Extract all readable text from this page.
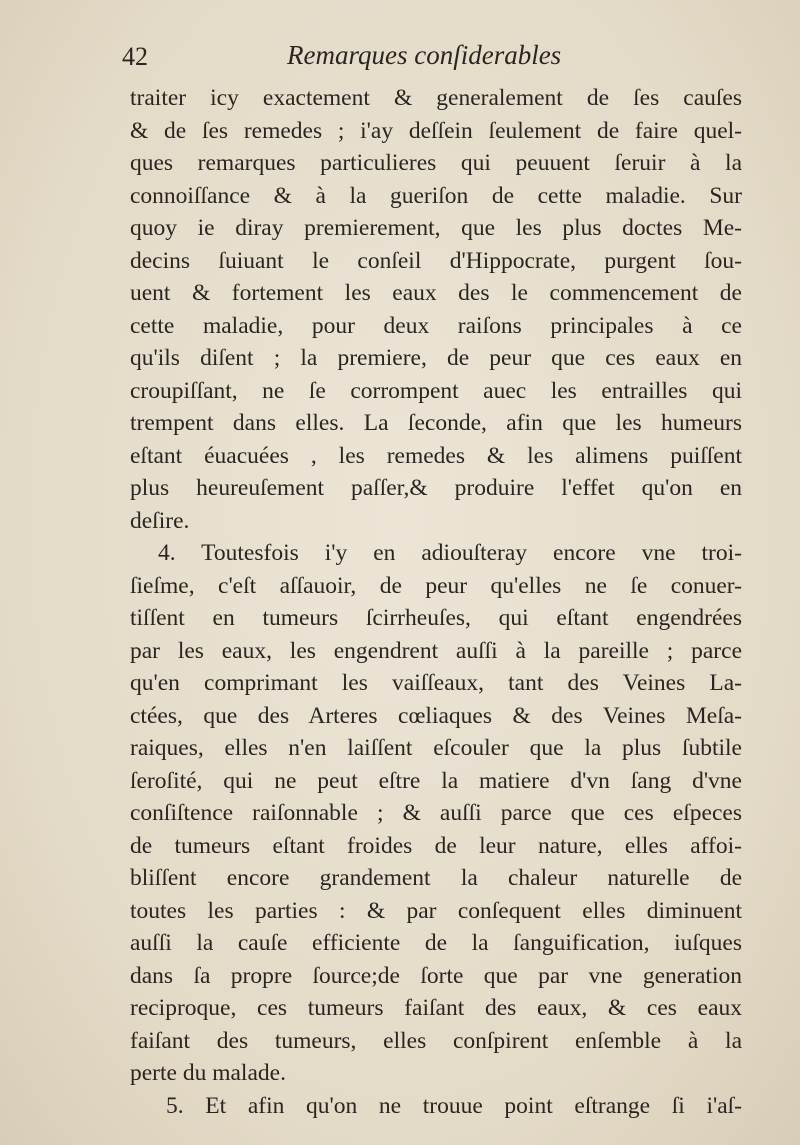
42	Remarques conſiderables
traiter icy exactement & generalement de ſes cauſes
& de ſes remedes ; i'ay deſſein ſeulement de faire quel-
ques remarques particulieres qui peuuent ſeruir à la
connoiſſance & à la gueriſon de cette maladie. Sur
quoy ie diray premierement, que les plus doctes Me-
decins ſuiuant le conſeil d'Hippocrate, purgent ſou-
uent & fortement les eaux des le commencement de
cette maladie, pour deux raiſons principales à ce
qu'ils diſent ; la premiere, de peur que ces eaux en
croupiſſant, ne ſe corrompent auec les entrailles qui
trempent dans elles. La ſeconde, afin que les humeurs
eſtant éuacuées , les remedes & les alimens puiſſent
plus heureuſement paſſer,& produire l'effet qu'on en
deſire.
4. Toutesfois i'y en adiouſteray encore vne troi-
ſieſme, c'eſt aſſauoir, de peur qu'elles ne ſe conuer-
tiſſent en tumeurs ſcirrheuſes, qui eſtant engendrées
par les eaux, les engendrent auſſi à la pareille ; parce
qu'en comprimant les vaiſſeaux, tant des Veines La-
ctées, que des Arteres cœliaques & des Veines Meſa-
raiques, elles n'en laiſſent eſcouler que la plus ſubtile
ſeroſité, qui ne peut eſtre la matiere d'vn ſang d'vne
conſiſtence raiſonnable ; & auſſi parce que ces eſpeces
de tumeurs eſtant froides de leur nature, elles affoi-
bliſſent encore grandement la chaleur naturelle de
toutes les parties : & par conſequent elles diminuent
auſſi la cauſe efficiente de la ſanguification, iuſques
dans ſa propre ſource;de ſorte que par vne generation
reciproque, ces tumeurs faiſant des eaux, & ces eaux
faiſant des tumeurs, elles conſpirent enſemble à la
perte du malade.
5. Et afin qu'on ne trouue point eſtrange ſi i'aſ-
